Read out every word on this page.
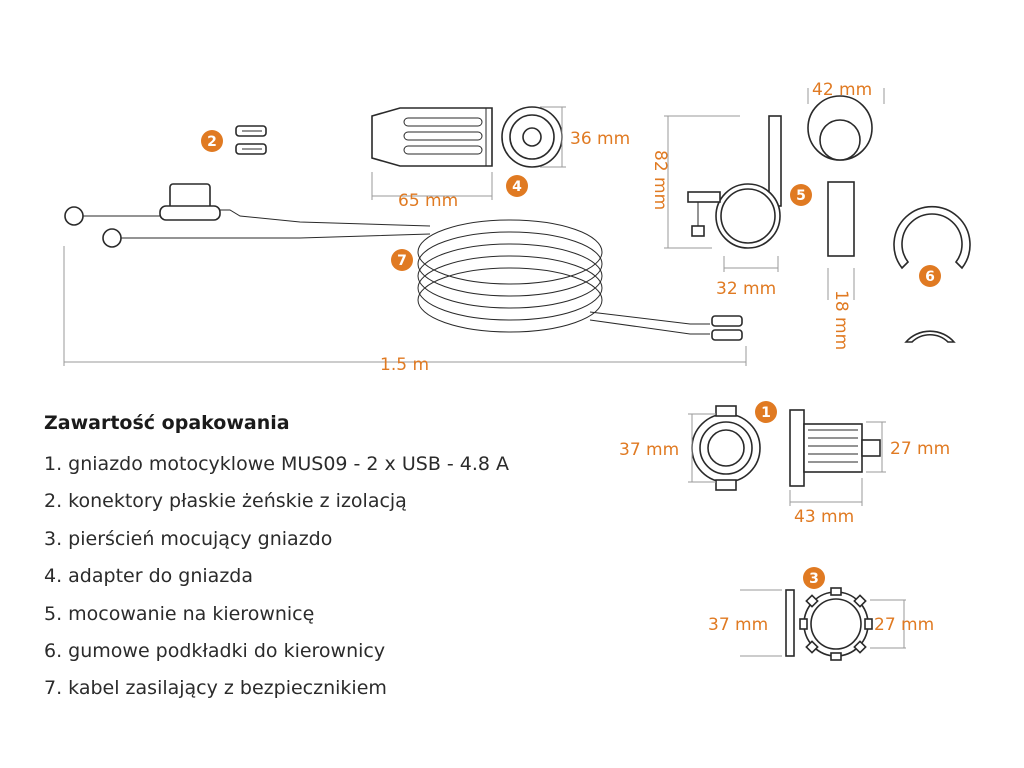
2	36 mm
65 mm
4	82 mm
32 mm
42 mm
18 mm
5
6
7
1.5 m
37 mm	27 mm
43 mm
1
37 mm	27 mm
3
Zawartość opakowania
1. gniazdo motocyklowe MUS09 - 2 x USB - 4.8 A
2. konektory płaskie żeńskie z izolacją
3. pierścień mocujący gniazdo
4. adapter do gniazda
5. mocowanie na kierownicę
6. gumowe podkładki do kierownicy
7. kabel zasilający z bezpiecznikiem
